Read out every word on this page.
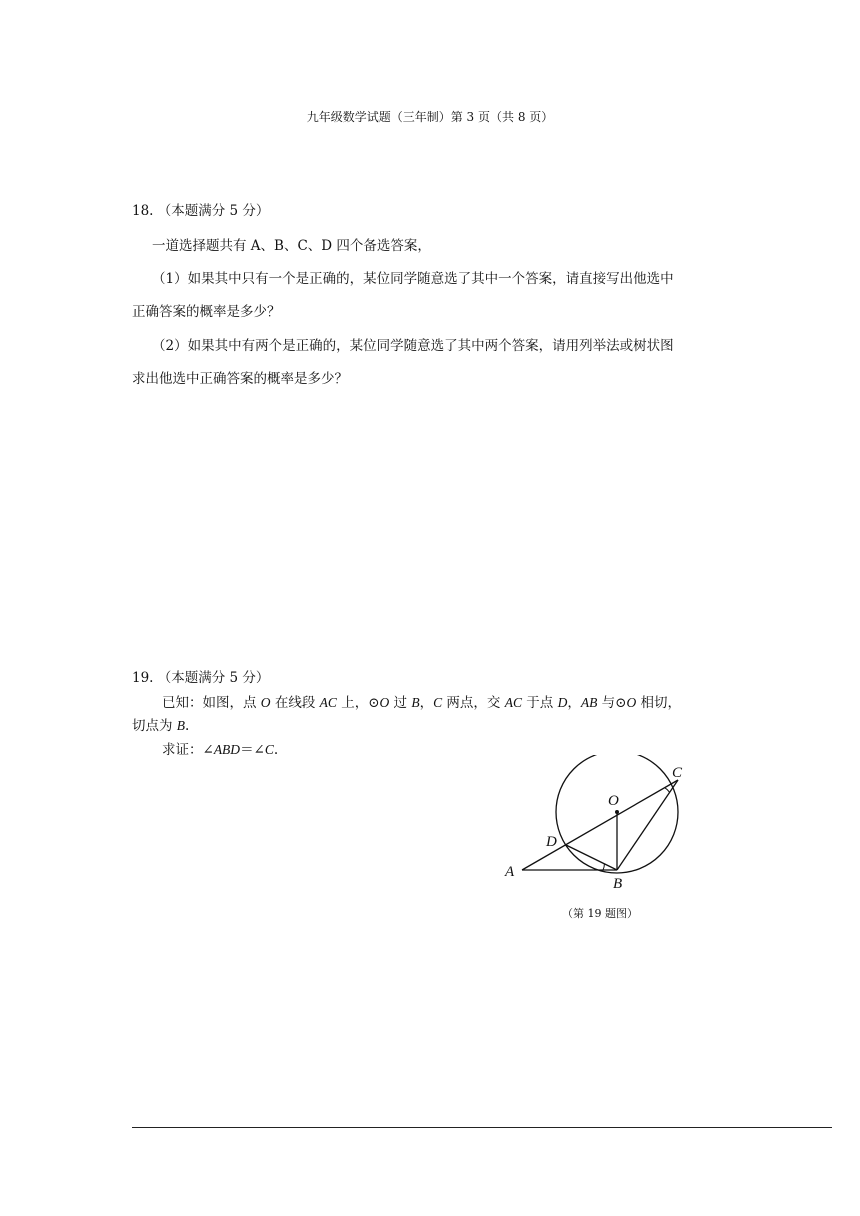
九年级数学试题（三年制）第 3 页（共 8 页）
18. （本题满分 5 分）
一道选择题共有 A、B、C、D 四个备选答案，
（1）如果其中只有一个是正确的，某位同学随意选了其中一个答案，请直接写出他选中
正确答案的概率是多少？
（2）如果其中有两个是正确的，某位同学随意选了其中两个答案，请用列举法或树状图
求出他选中正确答案的概率是多少？
19. （本题满分 5 分）
已知：如图，点 O 在线段 AC 上，⊙O 过 B，C 两点，交 AC 于点 D，AB 与⊙O 相切，
切点为 B.
求证：∠ABD＝∠C.
A
B
C
D
O
（第 19 题图）
